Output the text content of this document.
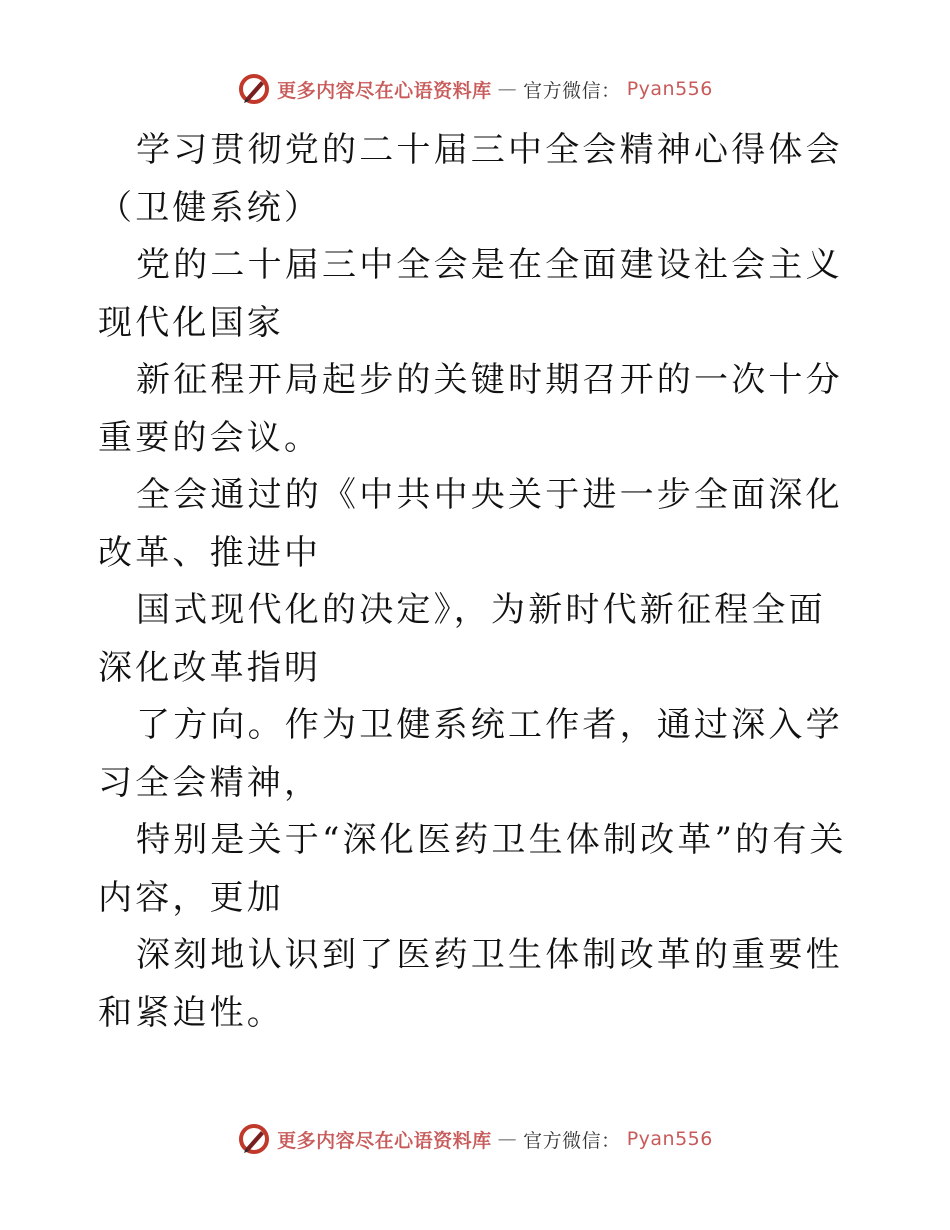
更多内容尽在心语资料库 — 官方微信： Pyan556

学习贯彻党的二十届三中全会精神心得体会（卫健系统）

党的二十届三中全会是在全面建设社会主义现代化国家

新征程开局起步的关键时期召开的一次十分重要的会议。

全会通过的《中共中央关于进一步全面深化改革、推进中

国式现代化的决定》，为新时代新征程全面深化改革指明

了方向。作为卫健系统工作者，通过深入学习全会精神，

特别是关于“深化医药卫生体制改革”的有关内容，更加

深刻地认识到了医药卫生体制改革的重要性和紧迫性。

更多内容尽在心语资料库 — 官方微信： Pyan556
